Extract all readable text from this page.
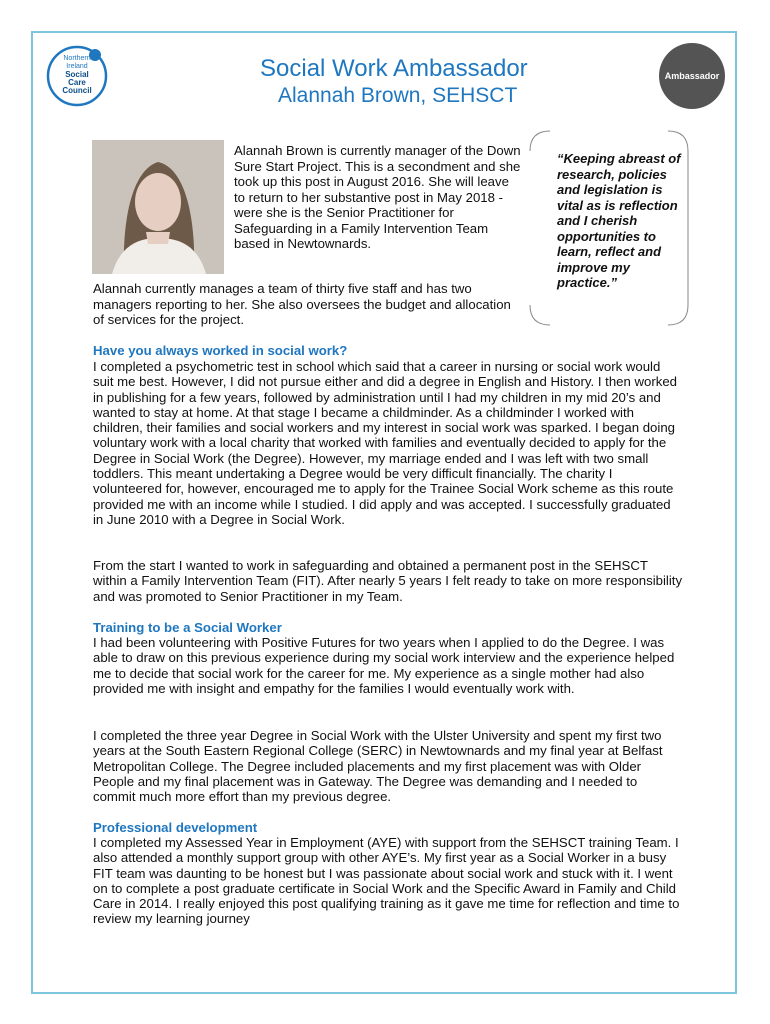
Northern
Ireland
Social
Care
Council
Ambassador
Social Work Ambassador
Alannah Brown, SEHSCT

Alannah Brown is currently manager of the Down Sure Start Project. This is a secondment and she took up this post in August 2016. She will leave to return to her substantive post in May 2018 - were she is the Senior Practitioner for Safeguarding in a Family Intervention Team based in Newtownards.

Alannah currently manages a team of thirty five staff and has two managers reporting to her. She also oversees the budget and allocation of services for the project.

“Keeping abreast of research, policies and legislation is vital as is reflection and I cherish opportunities to learn, reflect and improve my practice.”

Have you always worked in social work?

I completed a psychometric test in school which said that a career in nursing or social work would suit me best. However, I did not pursue either and did a degree in English and History. I then worked in publishing for a few years, followed by administration until I had my children in my mid 20’s and wanted to stay at home. At that stage I became a childminder. As a childminder I worked with children, their families and social workers and my interest in social work was sparked. I began doing voluntary work with a local charity that worked with families and eventually decided to apply for the Degree in Social Work (the Degree). However, my marriage ended and I was left with two small toddlers. This meant undertaking a Degree would be very difficult financially. The charity I volunteered for, however, encouraged me to apply for the Trainee Social Work scheme as this route provided me with an income while I studied. I did apply and was accepted. I successfully graduated in June 2010 with a Degree in Social Work.

From the start I wanted to work in safeguarding and obtained a permanent post in the SEHSCT within a Family Intervention Team (FIT). After nearly 5 years I felt ready to take on more responsibility and was promoted to Senior Practitioner in my Team.

Training to be a Social Worker

I had been volunteering with Positive Futures for two years when I applied to do the Degree. I was able to draw on this previous experience during my social work interview and the experience helped me to decide that social work for the career for me. My experience as a single mother had also provided me with insight and empathy for the families I would eventually work with.

I completed the three year Degree in Social Work with the Ulster University and spent my first two years at the South Eastern Regional College (SERC) in Newtownards and my final year at Belfast Metropolitan College. The Degree included placements and my first placement was with Older People and my final placement was in Gateway. The Degree was demanding and I needed to commit much more effort than my previous degree.

Professional development

I completed my Assessed Year in Employment (AYE) with support from the SEHSCT training Team. I also attended a monthly support group with other AYE’s. My first year as a Social Worker in a busy FIT team was daunting to be honest but I was passionate about social work and stuck with it. I went on to complete a post graduate certificate in Social Work and the Specific Award in Family and Child Care in 2014. I really enjoyed this post qualifying training as it gave me time for reflection and time to review my learning journey
